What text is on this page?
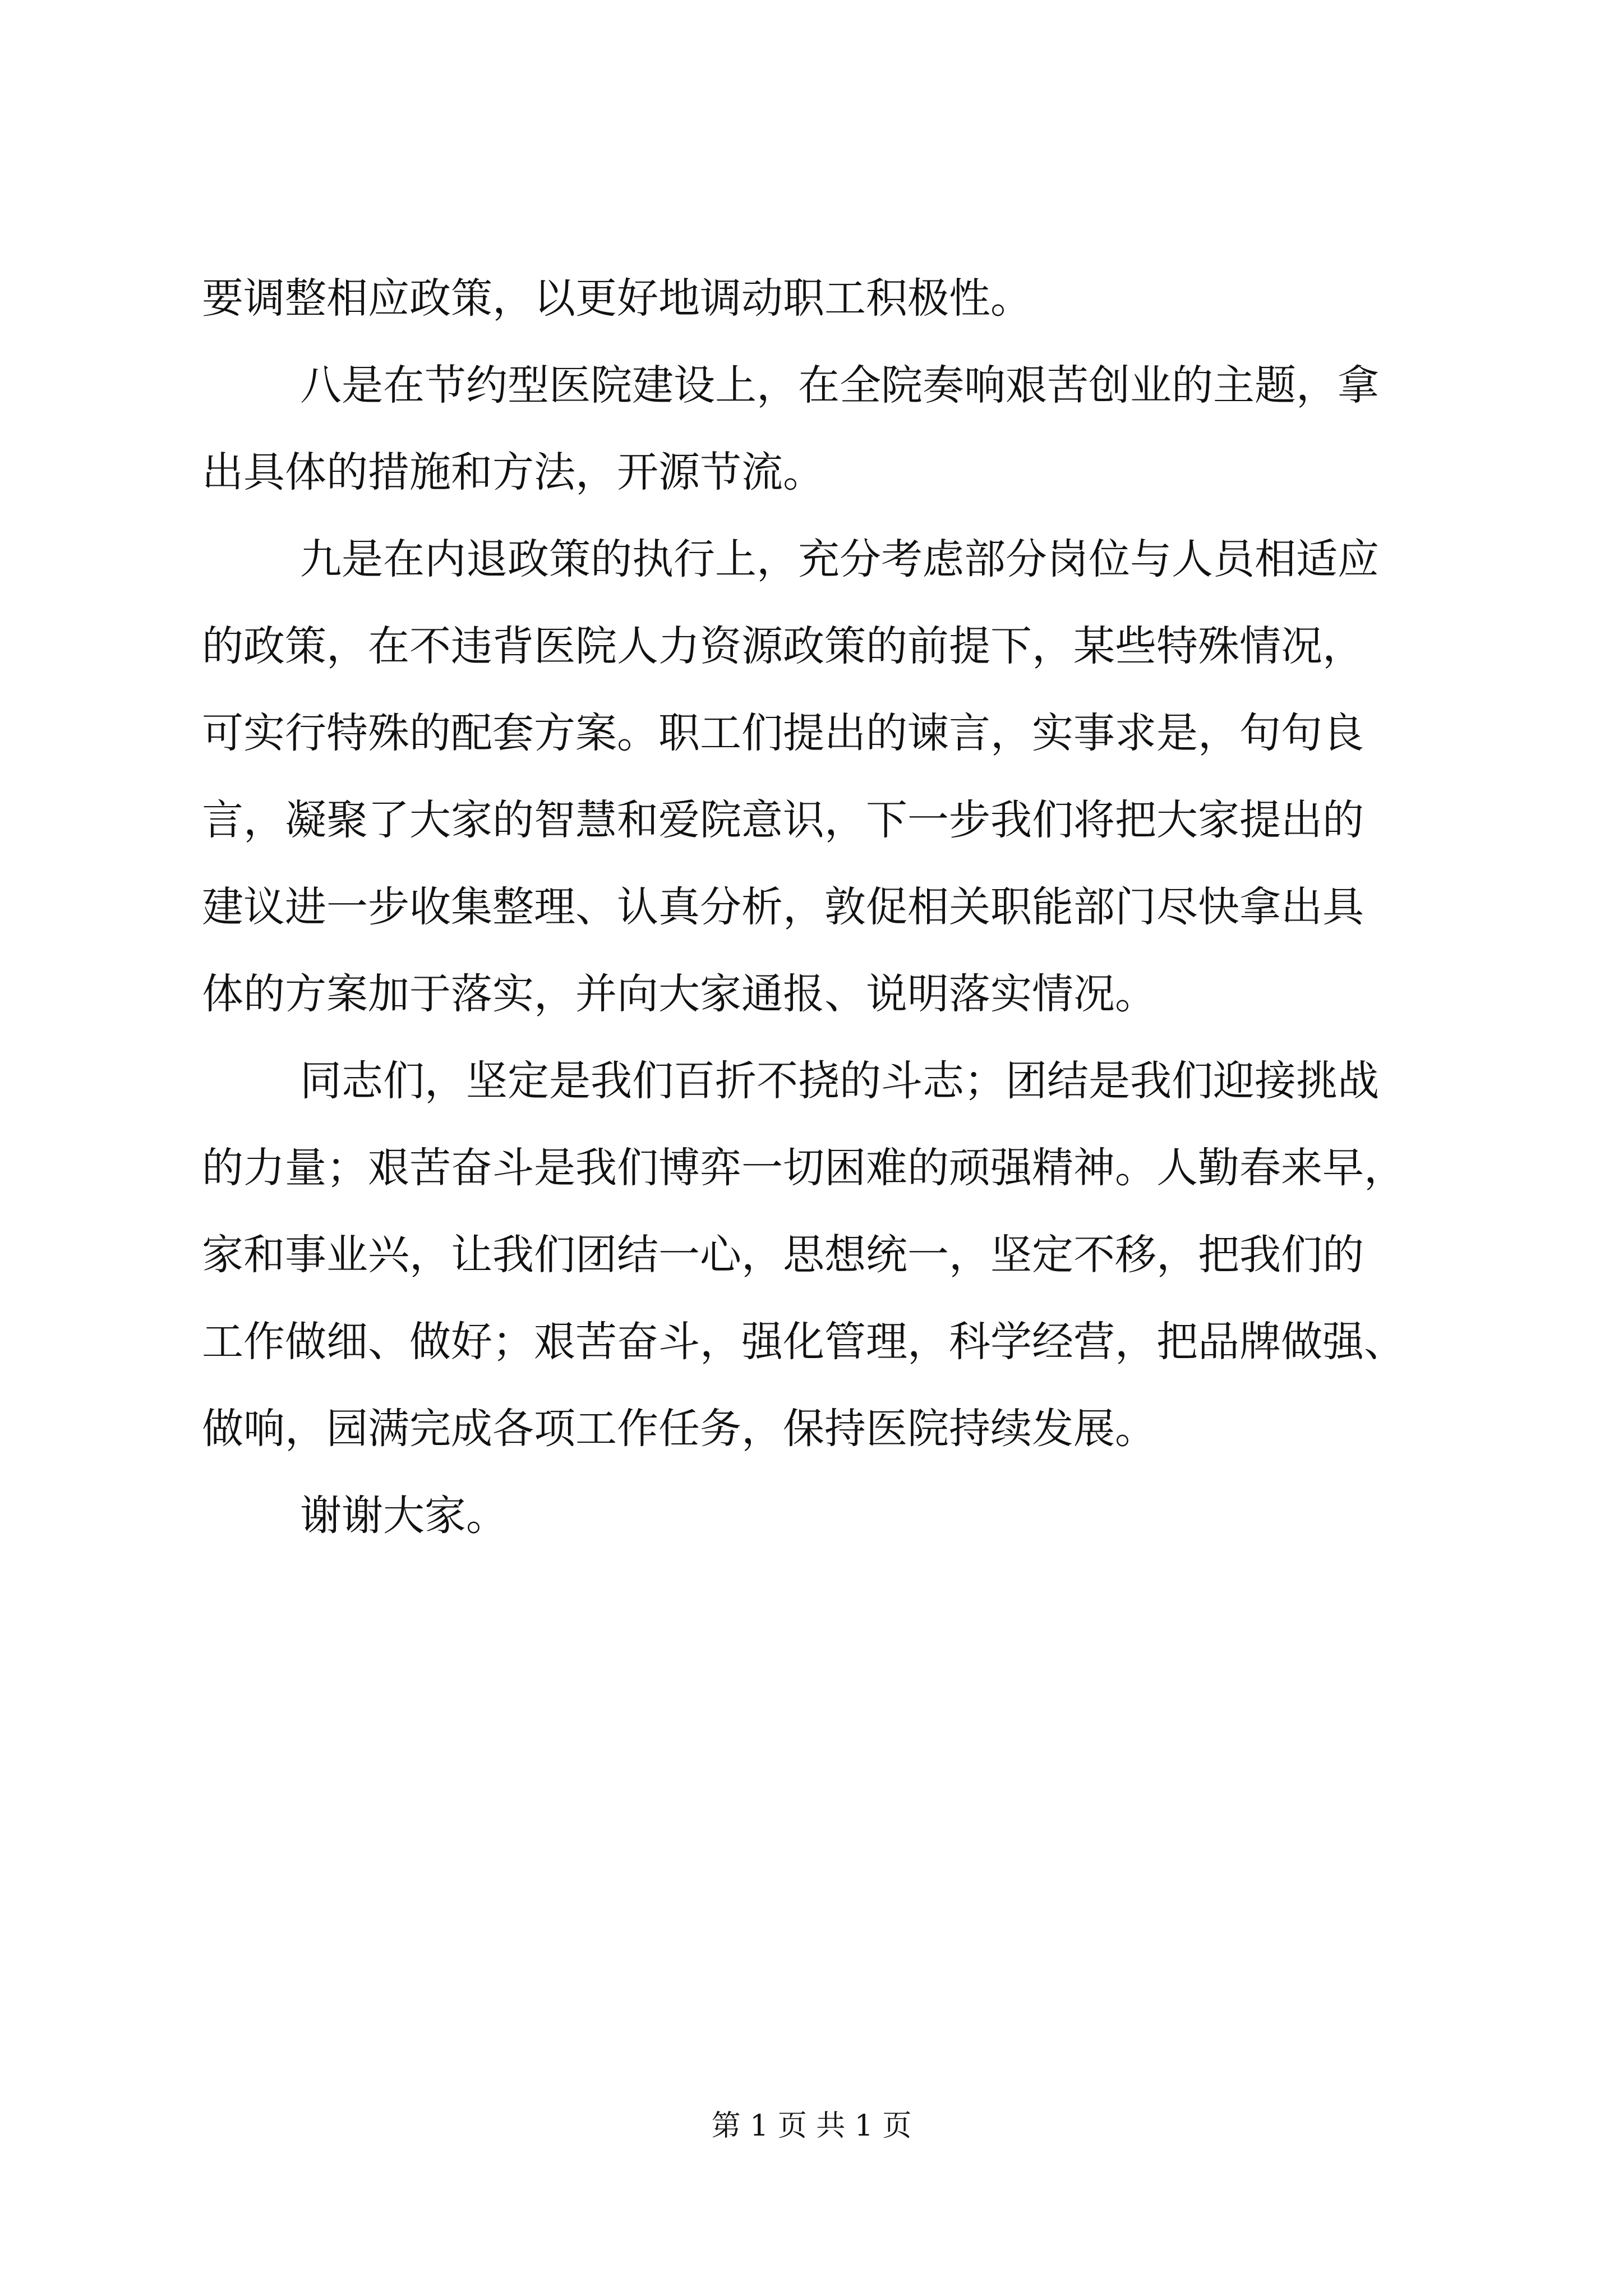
要调整相应政策，以更好地调动职工积极性。

八是在节约型医院建设上，在全院奏响艰苦创业的主题，拿

出具体的措施和方法，开源节流。

九是在内退政策的执行上，充分考虑部分岗位与人员相适应

的政策，在不违背医院人力资源政策的前提下，某些特殊情况，

可实行特殊的配套方案。职工们提出的谏言，实事求是，句句良

言，凝聚了大家的智慧和爱院意识，下一步我们将把大家提出的

建议进一步收集整理、认真分析，敦促相关职能部门尽快拿出具

体的方案加于落实，并向大家通报、说明落实情况。

同志们，坚定是我们百折不挠的斗志；团结是我们迎接挑战

的力量；艰苦奋斗是我们博弈一切困难的顽强精神。人勤春来早，

家和事业兴，让我们团结一心，思想统一，坚定不移，把我们的

工作做细、做好；艰苦奋斗，强化管理，科学经营，把品牌做强、

做响，园满完成各项工作任务，保持医院持续发展。

谢谢大家。

第 1 页 共 1 页
